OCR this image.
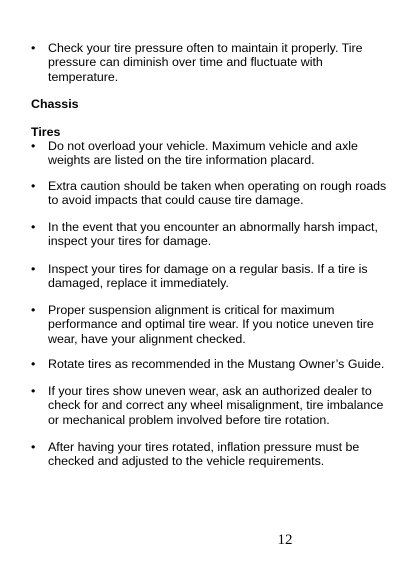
•	Check your tire pressure often to maintain it properly. Tire
pressure can diminish over time and fluctuate with
temperature.
Chassis
Tires
•	Do not overload your vehicle. Maximum vehicle and axle
weights are listed on the tire information placard.
•	Extra caution should be taken when operating on rough roads
to avoid impacts that could cause tire damage.
•	In the event that you encounter an abnormally harsh impact,
inspect your tires for damage.
•	Inspect your tires for damage on a regular basis. If a tire is
damaged, replace it immediately.
•	Proper suspension alignment is critical for maximum
performance and optimal tire wear. If you notice uneven tire
wear, have your alignment checked.
•	Rotate tires as recommended in the Mustang Owner’s Guide.
•	If your tires show uneven wear, ask an authorized dealer to
check for and correct any wheel misalignment, tire imbalance
or mechanical problem involved before tire rotation.
•	After having your tires rotated, inflation pressure must be
checked and adjusted to the vehicle requirements.
12
